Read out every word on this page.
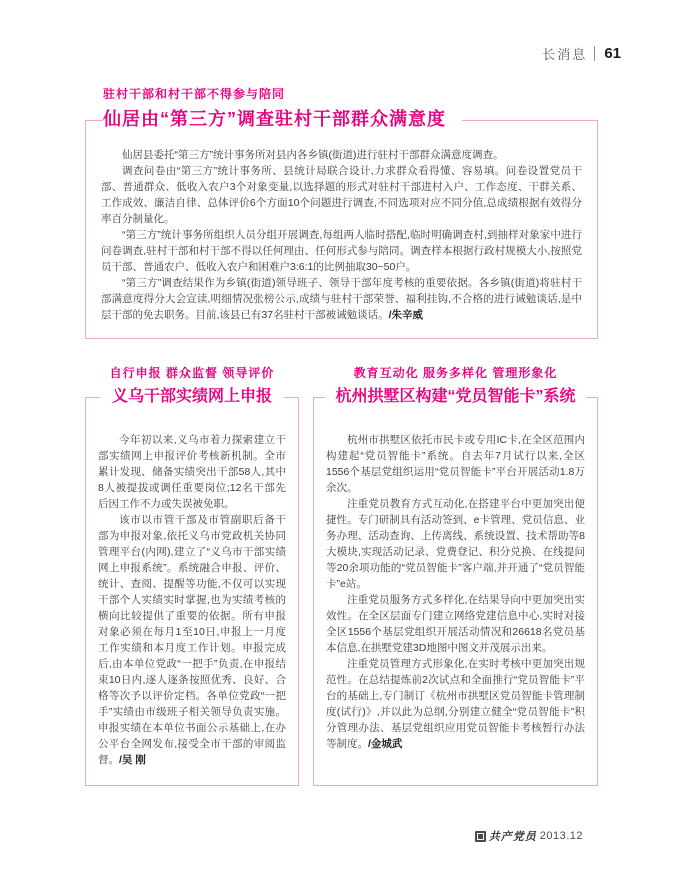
长消息 61
驻村干部和村干部不得参与陪同
仙居由“第三方”调查驻村干部群众满意度

仙居县委托“第三方”统计事务所对县内各乡镇(街道)进行驻村干部群众满意度调查。

调查问卷由“第三方”统计事务所、县统计局联合设计,力求群众看得懂、容易填。问卷设置党员干部、普通群众、低收入农户3个对象变量,以选择题的形式对驻村干部进村入户、工作态度、干群关系、工作成效、廉洁自律、总体评价6个方面10个问题进行调查,不同选项对应不同分值,总成绩根据有效得分率百分制量化。

“第三方”统计事务所组织人员分组开展调查,每组两人临时搭配,临时明确调查村,到抽样对象家中进行问卷调查,驻村干部和村干部不得以任何理由、任何形式参与陪同。调查样本根据行政村规模大小,按照党员干部、普通农户、低收入农户和困难户3:6:1的比例抽取30~50户。

“第三方”调查结果作为乡镇(街道)领导班子、领导干部年度考核的重要依据。各乡镇(街道)将驻村干部满意度得分大会宣读,明细情况张榜公示,成绩与驻村干部荣誉、福利挂钩,不合格的进行诫勉谈话,是中层干部的免去职务。目前,该县已有37名驻村干部被诫勉谈话。/朱辛威

自行申报 群众监督 领导评价
义乌干部实绩网上申报

今年初以来,义乌市着力探索建立干部实绩网上申报评价考核新机制。全市累计发现、储备实绩突出干部58人,其中8人被提拔或调任重要岗位;12名干部先后因工作不力或失误被免职。

该市以市管干部及市管副职后备干部为申报对象,依托义乌市党政机关协同管理平台(内网),建立了“义乌市干部实绩网上申报系统”。系统融合申报、评价、统计、查阅、提醒等功能,不仅可以实现干部个人实绩实时掌握,也为实绩考核的横向比较提供了重要的依据。所有申报对象必须在每月1至10日,申报上一月度工作实绩和本月度工作计划。申报完成后,由本单位党政“一把手”负责,在申报结束10日内,逐人逐条按照优秀、良好、合格等次予以评价定档。各单位党政“一把手”实绩由市级班子相关领导负责实施。申报实绩在本单位书面公示基础上,在办公平台全网发布,接受全市干部的审阅监督。/吴 刚

教育互动化 服务多样化 管理形象化
杭州拱墅区构建“党员智能卡”系统

杭州市拱墅区依托市民卡或专用IC卡,在全区范围内构建起“党员智能卡”系统。自去年7月试行以来,全区1556个基层党组织运用“党员智能卡”平台开展活动1.8万余次。

注重党员教育方式互动化,在搭建平台中更加突出便捷性。专门研制具有活动签到、e卡管理、党员信息、业务办理、活动查询、上传离线、系统设置、技术帮助等8大模块,实现活动记录、党费登记、积分兑换、在线提问等20余项功能的“党员智能卡”客户端,并开通了“党员智能卡”e站。

注重党员服务方式多样化,在结果导向中更加突出实效性。在全区层面专门建立网络党建信息中心,实时对接全区1556个基层党组织开展活动情况和26618名党员基本信息,在拱墅党建3D地图中图文并茂展示出来。

注重党员管理方式形象化,在实时考核中更加突出规范性。在总结提炼前2次试点和全面推行“党员智能卡”平台的基础上,专门制订《杭州市拱墅区党员智能卡管理制度(试行)》,并以此为总纲,分别建立健全“党员智能卡”积分管理办法、基层党组织应用党员智能卡考核暂行办法等制度。/金城武

共产党员 2013.12
